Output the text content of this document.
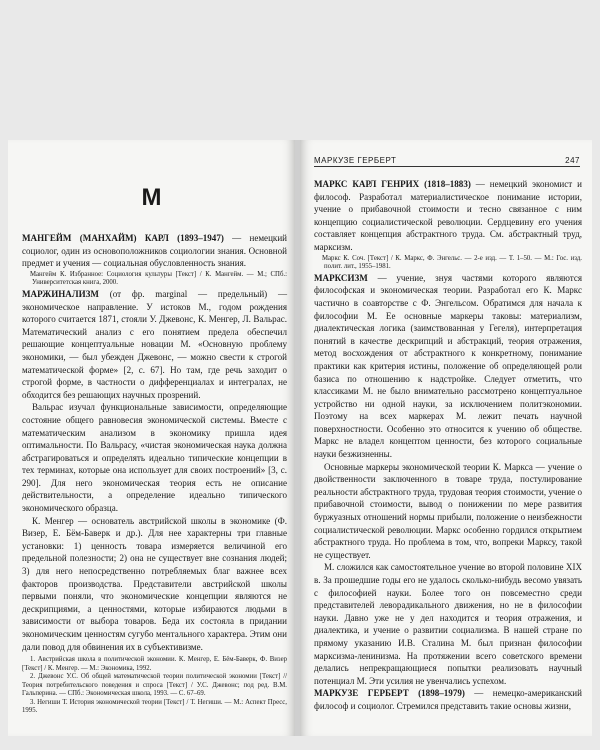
М

МАНГЕЙМ (МАНХАЙМ) КАРЛ (1893–1947) — немецкий социолог, один из основоположников социологии знания. Основной предмет и учения — социальная обусловленность знания.

Мангейм К. Избранное: Социология культуры [Текст] / К. Мангейм. — М.; СПб.: Университетская книга, 2000.

МАРЖИНАЛИЗМ (от фр. marginal — предельный) — экономическое направление. У истоков М., годом рождения которого считается 1871, стояли У. Джевонс, К. Менгер, Л. Вальрас. Математический анализ с его понятием предела обеспечил решающие концептуальные новации М. «Основную проблему экономики, — был убежден Джевонс, — можно свести к строгой математической форме» [2, с. 67]. Но там, где речь заходит о строгой форме, в частности о дифференциалах и интегралах, не обходится без решающих научных прозрений.

Вальрас изучал функциональные зависимости, определяющие состояние общего равновесия экономической системы. Вместе с математическим анализом в экономику пришла идея оптимальности. По Вальрасу, «чистая экономическая наука должна абстрагироваться и определять идеально типические концепции в тех терминах, которые она использует для своих построений» [3, с. 290]. Для него экономическая теория есть не описание действительности, а определение идеально типического экономического образца.

К. Менгер — основатель австрийской школы в экономике (Ф. Визер, Е. Бём-Баверк и др.). Для нее характерны три главные установки: 1) ценность товара измеряется величиной его предельной полезности; 2) она не существует вне сознания людей; 3) для него непосредственно потребляемых благ важнее всех факторов производства. Представители австрийской школы первыми поняли, что экономические концепции являются не дескрипциями, а ценностями, которые избираются людьми в зависимости от выбора товаров. Беда их состояла в придании экономическим ценностям сугубо ментального характера. Этим они дали повод для обвинения их в субъективизме.

1. Австрийская школа в политической экономии. К. Менгер, Е. Бём-Баверк, Ф. Визер [Текст] / К. Менгер. — М.: Экономика, 1992.

2. Джевонс У.С. Об общей математической теории политической экономии [Текст] // Теория потребительского поведения и спроса [Текст] / У.С. Джевонс; под ред. В.М. Гальперина. — СПб.: Экономическая школа, 1993. — С. 67–69.

3. Негиши Т. История экономической теории [Текст] / Т. Негиши. — М.: Аспект Пресс, 1995.

МАРКУЗЕ ГЕРБЕРТ	247

МАРКС КАРЛ ГЕНРИХ (1818–1883) — немецкий экономист и философ. Разработал материалистическое понимание истории, учение о прибавочной стоимости и тесно связанное с ним концепцию социалистической революции. Сердцевину его учения составляет концепция абстрактного труда. См. абстрактный труд, марксизм.

Маркс К. Соч. [Текст] / К. Маркс, Ф. Энгельс. — 2-е изд. — Т. 1–50. — М.: Гос. изд. полит. лит., 1955–1981.

МАРКСИЗМ — учение, знуя частями которого являются философская и экономическая теории. Разработал его К. Маркс частично в соавторстве с Ф. Энгельсом. Обратимся для начала к философии М. Ее основные маркеры таковы: материализм, диалектическая логика (заимствованная у Гегеля), интерпретация понятий в качестве дескрипций и абстракций, теория отражения, метод восхождения от абстрактного к конкретному, понимание практики как критерия истины, положение об определяющей роли базиса по отношению к надстройке. Следует отметить, что классиками М. не было внимательно рассмотрено концептуальное устройство ни одной науки, за исключением политэкономии. Поэтому на всех маркерах М. лежит печать научной поверхностности. Особенно это относится к учению об обществе. Маркс не владел концептом ценности, без которого социальные науки безжизненны.

Основные маркеры экономической теории К. Маркса — учение о двойственности заключенного в товаре труда, постулирование реальности абстрактного труда, трудовая теория стоимости, учение о прибавочной стоимости, вывод о понижении по мере развития буржуазных отношений нормы прибыли, положение о неизбежности социалистической революции. Маркс особенно гордился открытием абстрактного труда. Но проблема в том, что, вопреки Марксу, такой не существует.

М. сложился как самостоятельное учение во второй половине XIX в. За прошедшие годы его не удалось сколько-нибудь весомо увязать с философией науки. Более того он повсеместно среди представителей леворадикального движения, но не в философии науки. Давно уже не у дел находится и теория отражения, и диалектика, и учение о развитии социализма. В нашей стране по прямому указанию И.В. Сталина М. был признан философии марксизма-ленинизма. На протяжении всего советского времени делались непрекращающиеся попытки реализовать научный потенциал М. Эти усилия не увенчались успехом.

МАРКУЗЕ ГЕРБЕРТ (1898–1979) — немецко-американский философ и социолог. Стремился представить такие основы жизни,
